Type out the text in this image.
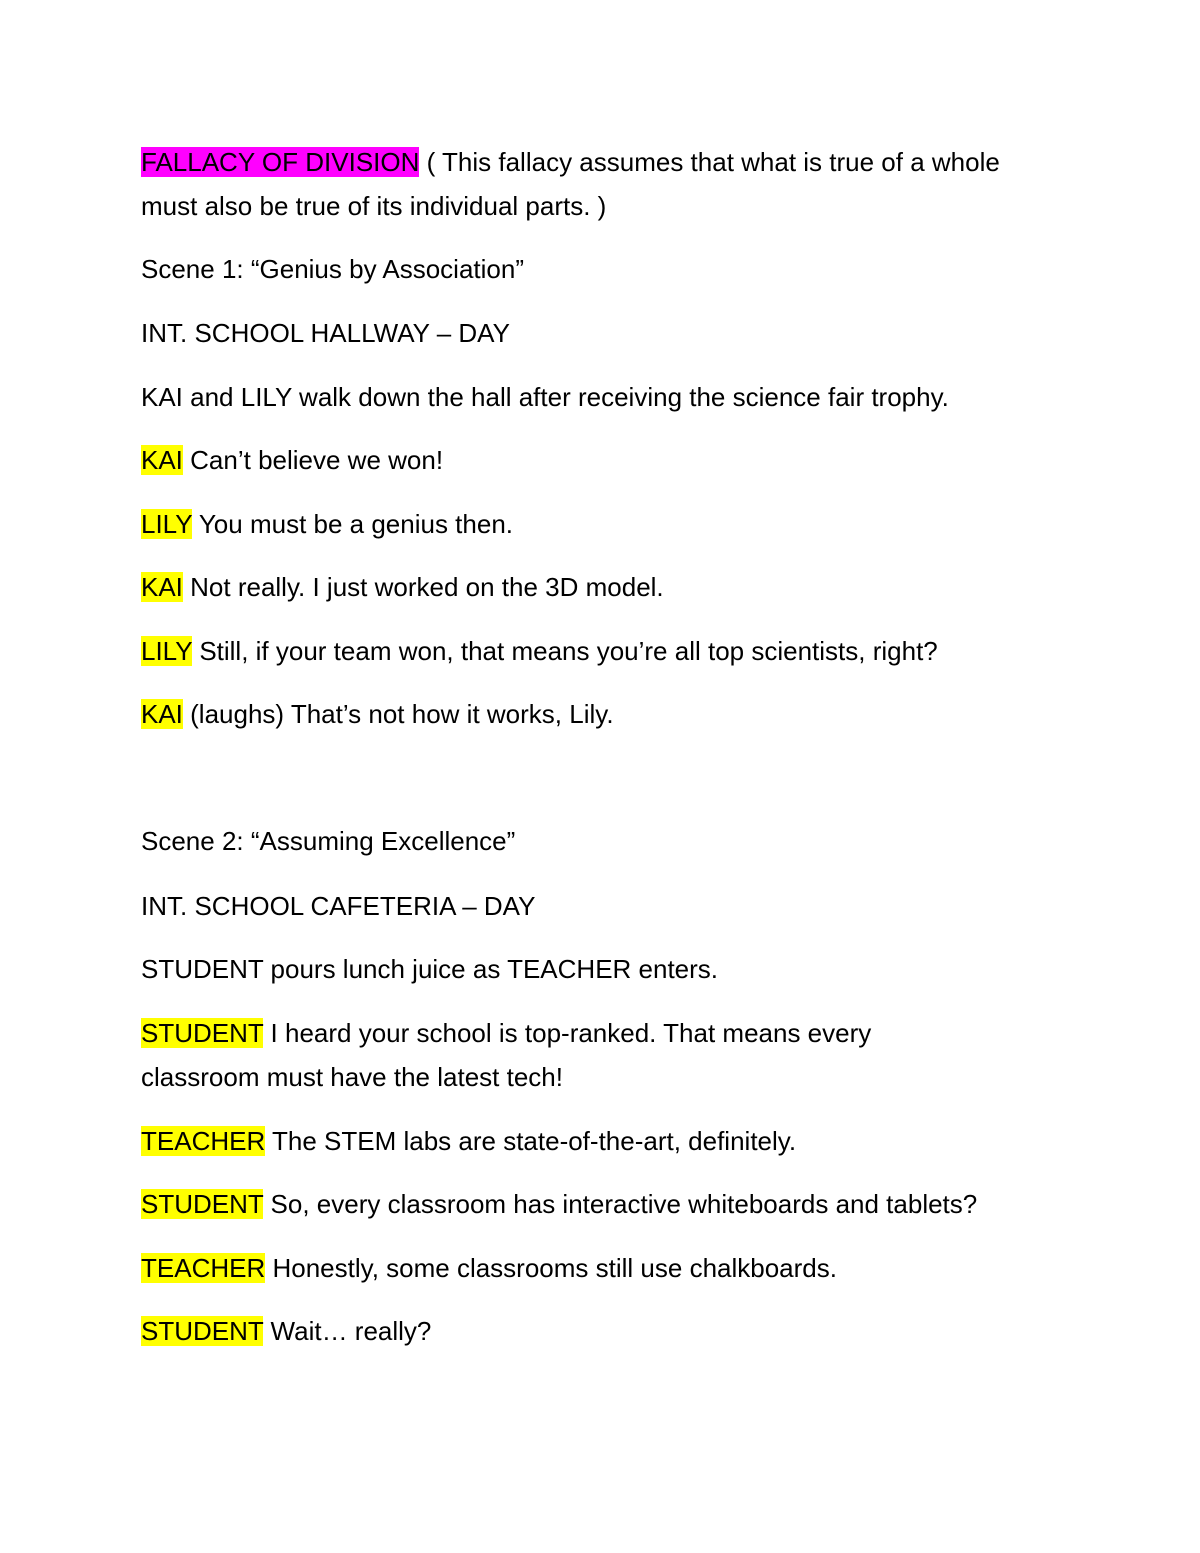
FALLACY OF DIVISION ( This fallacy assumes that what is true of a whole must also be true of its individual parts. )

Scene 1: “Genius by Association”

INT. SCHOOL HALLWAY – DAY

KAI and LILY walk down the hall after receiving the science fair trophy.

KAI Can’t believe we won!

LILY You must be a genius then.

KAI Not really. I just worked on the 3D model.

LILY Still, if your team won, that means you’re all top scientists, right?

KAI (laughs) That’s not how it works, Lily.

Scene 2: “Assuming Excellence”

INT. SCHOOL CAFETERIA – DAY

STUDENT pours lunch juice as TEACHER enters.

STUDENT I heard your school is top-ranked. That means every classroom must have the latest tech!

TEACHER The STEM labs are state-of-the-art, definitely.

STUDENT So, every classroom has interactive whiteboards and tablets?

TEACHER Honestly, some classrooms still use chalkboards.

STUDENT Wait… really?
